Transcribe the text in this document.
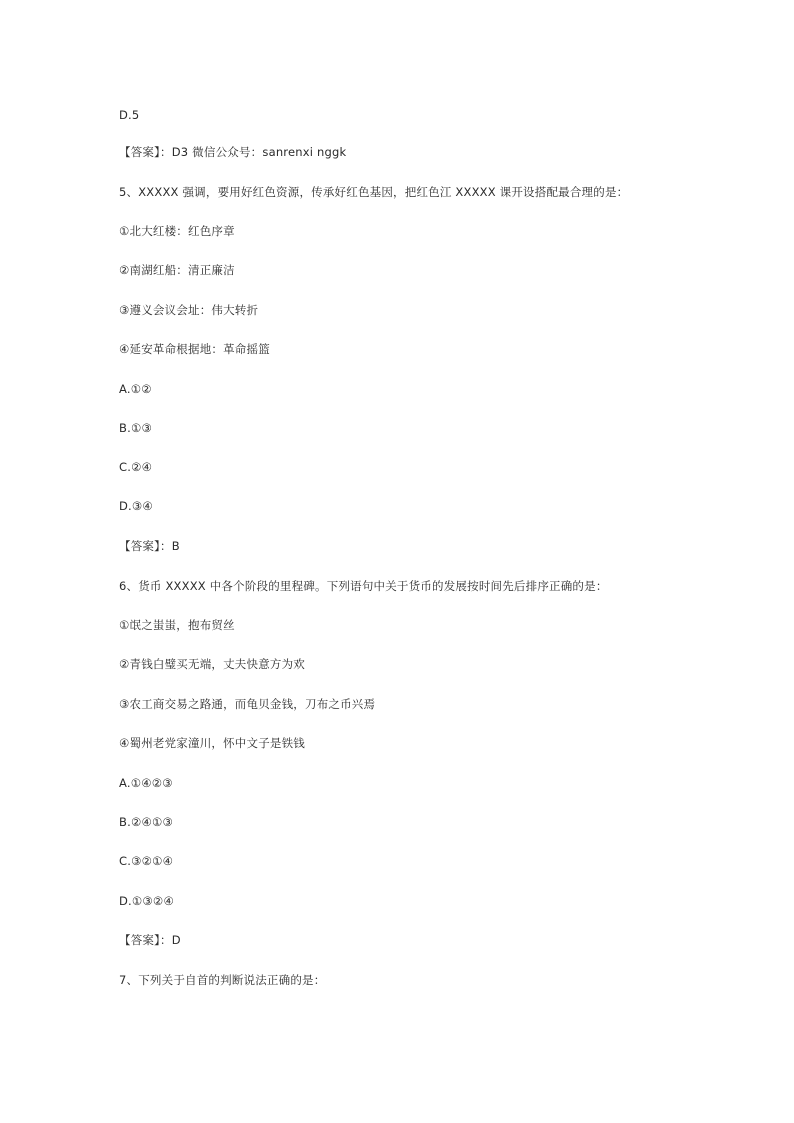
D.5
【答案】：D3 微信公众号：sanrenxi nggk
5、XXXXX 强调，要用好红色资源，传承好红色基因，把红色江 XXXXX 课开设搭配最合理的是：
①北大红楼：红色序章
②南湖红船：清正廉洁
③遵义会议会址：伟大转折
④延安革命根据地：革命摇篮
A.①②
B.①③
C.②④
D.③④
【答案】：B
6、货币 XXXXX 中各个阶段的里程碑。下列语句中关于货币的发展按时间先后排序正确的是：
①氓之蚩蚩，抱布贸丝
②青钱白璧买无端，丈夫快意方为欢
③农工商交易之路通，而龟贝金钱，刀布之币兴焉
④蜀州老党家潼川，怀中文子是铁钱
A.①④②③
B.②④①③
C.③②①④
D.①③②④
【答案】：D
7、下列关于自首的判断说法正确的是：
